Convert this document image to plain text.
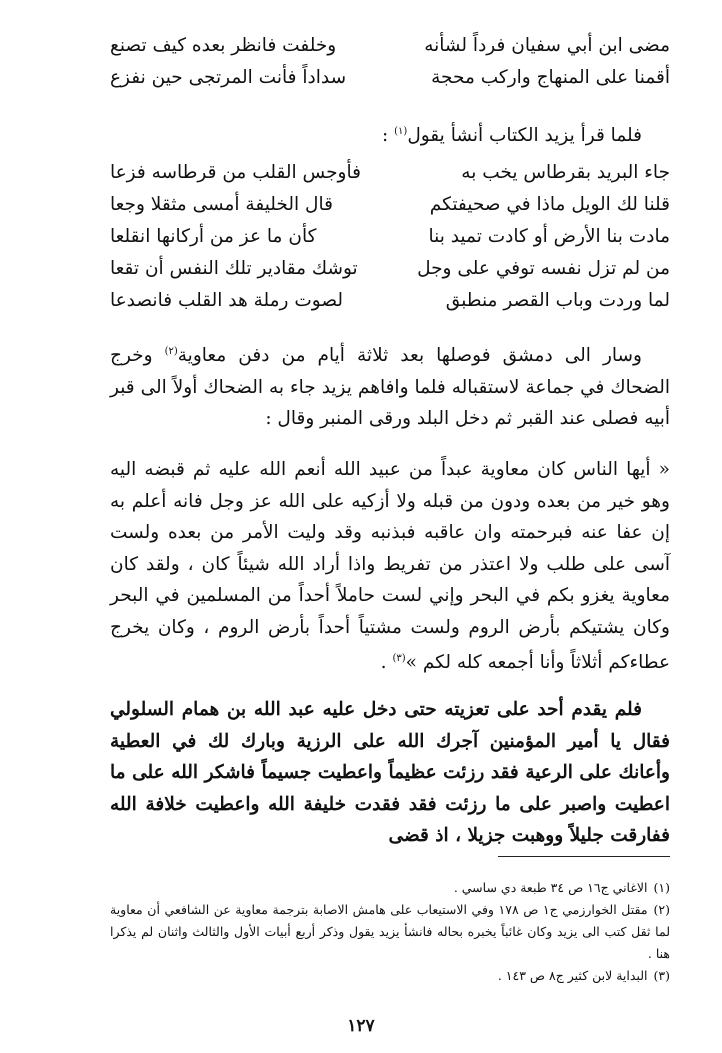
مضى ابن أبي سفيان فرداً لشأنه
وخلفت فانظر بعده كيف تصنع
أقمنا على المنهاج واركب محجة
سداداً فأنت المرتجى حين نفزع

فلما قرأ يزيد الكتاب أنشأ يقول$^{(١)}$ :

جاء البريد بقرطاس يخب به
فأوجس القلب من قرطاسه فزعا
قلنا لك الويل ماذا في صحيفتكم
قال الخليفة أمسى مثقلا وجعا
مادت بنا الأرض أو كادت تميد بنا
كأن ما عز من أركانها انقلعا
من لم تزل نفسه توفي على وجل
توشك مقادير تلك النفس أن تقعا
لما وردت وباب القصر منطبق
لصوت رملة هد القلب فانصدعا

وسار الى دمشق فوصلها بعد ثلاثة أيام من دفن معاوية$^{(٢)}$ وخرج الضحاك في جماعة لاستقباله فلما وافاهم يزيد جاء به الضحاك أولاً الى قبر أبيه فصلى عند القبر ثم دخل البلد ورقى المنبر وقال :

« أيها الناس كان معاوية عبداً من عبيد الله أنعم الله عليه ثم قبضه اليه وهو خير من بعده ودون من قبله ولا أزكيه على الله عز وجل فانه أعلم به إن عفا عنه فبرحمته وان عاقبه فبذنبه وقد وليت الأمر من بعده ولست آسى على طلب ولا اعتذر من تفريط واذا أراد الله شيئاً كان ، ولقد كان معاوية يغزو بكم في البحر وإني لست حاملاً أحداً من المسلمين في البحر وكان يشتيكم بأرض الروم ولست مشتياً أحداً بأرض الروم ، وكان يخرج عطاءكم أثلاثاً وأنا أجمعه كله لكم »$^{(٣)}$ .

فلم يقدم أحد على تعزيته حتى دخل عليه عبد الله بن همام السلولي فقال يا أمير المؤمنين آجرك الله على الرزية وبارك لك في العطية وأعانك على الرعية فقد رزئت عظيماً واعطيت جسيماً فاشكر الله على ما اعطيت واصبر على ما رزئت فقد فقدت خليفة الله واعطيت خلافة الله ففارقت جليلاً ووهبت جزيلا ، اذ قضى

(١)الاغاني ج١٦ ص ٣٤ طبعة دي ساسي .

(٢)مقتل الخوارزمي ج١ ص ١٧٨ وفي الاستيعاب على هامش الاصابة بترجمة معاوية عن الشافعي أن معاوية لما ثقل كتب الى يزيد وكان غائباً يخبره بحاله فانشأ يزيد يقول وذكر أربع أبيات الأول والثالث واثنان لم يذكرا هنا .

(٣)البداية لابن كثير ج٨ ص ١٤٣ .

١٢٧
